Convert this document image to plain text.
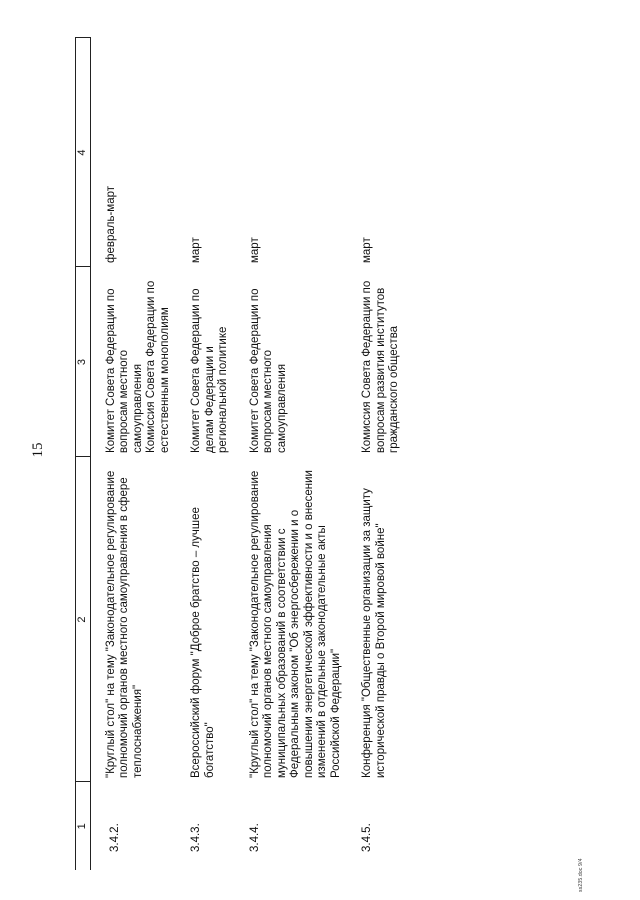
15
1	2	3	4
3.4.2.	"Круглый стол" на тему "Законодательное регулирование полномочий органов местного самоуправления в сфере теплоснабжения"	Комитет Совета Федерации по вопросам местного самоуправления Комиссия Совета Федерации по естественным монополиям	февраль-март
3.4.3.	Всероссийский форум "Доброе братство – лучшее богатство"	Комитет Совета Федерации по делам Федерации и региональной политике	март
3.4.4.	"Круглый стол" на тему "Законодательное регулирование полномочий органов местного самоуправления муниципальных образований в соответствии с Федеральным законом "Об энергосбережении и о повышении энергетической эффективности и о внесении изменений в отдельные законодательные акты Российской Федерации"	Комитет Совета Федерации по вопросам местного самоуправления	март
3.4.5.	Конференция "Общественные организации за защиту исторической правды о Второй мировой войне"	Комиссия Совета Федерации по вопросам развития институтов гражданского общества	март
ss235.doc 9/4
